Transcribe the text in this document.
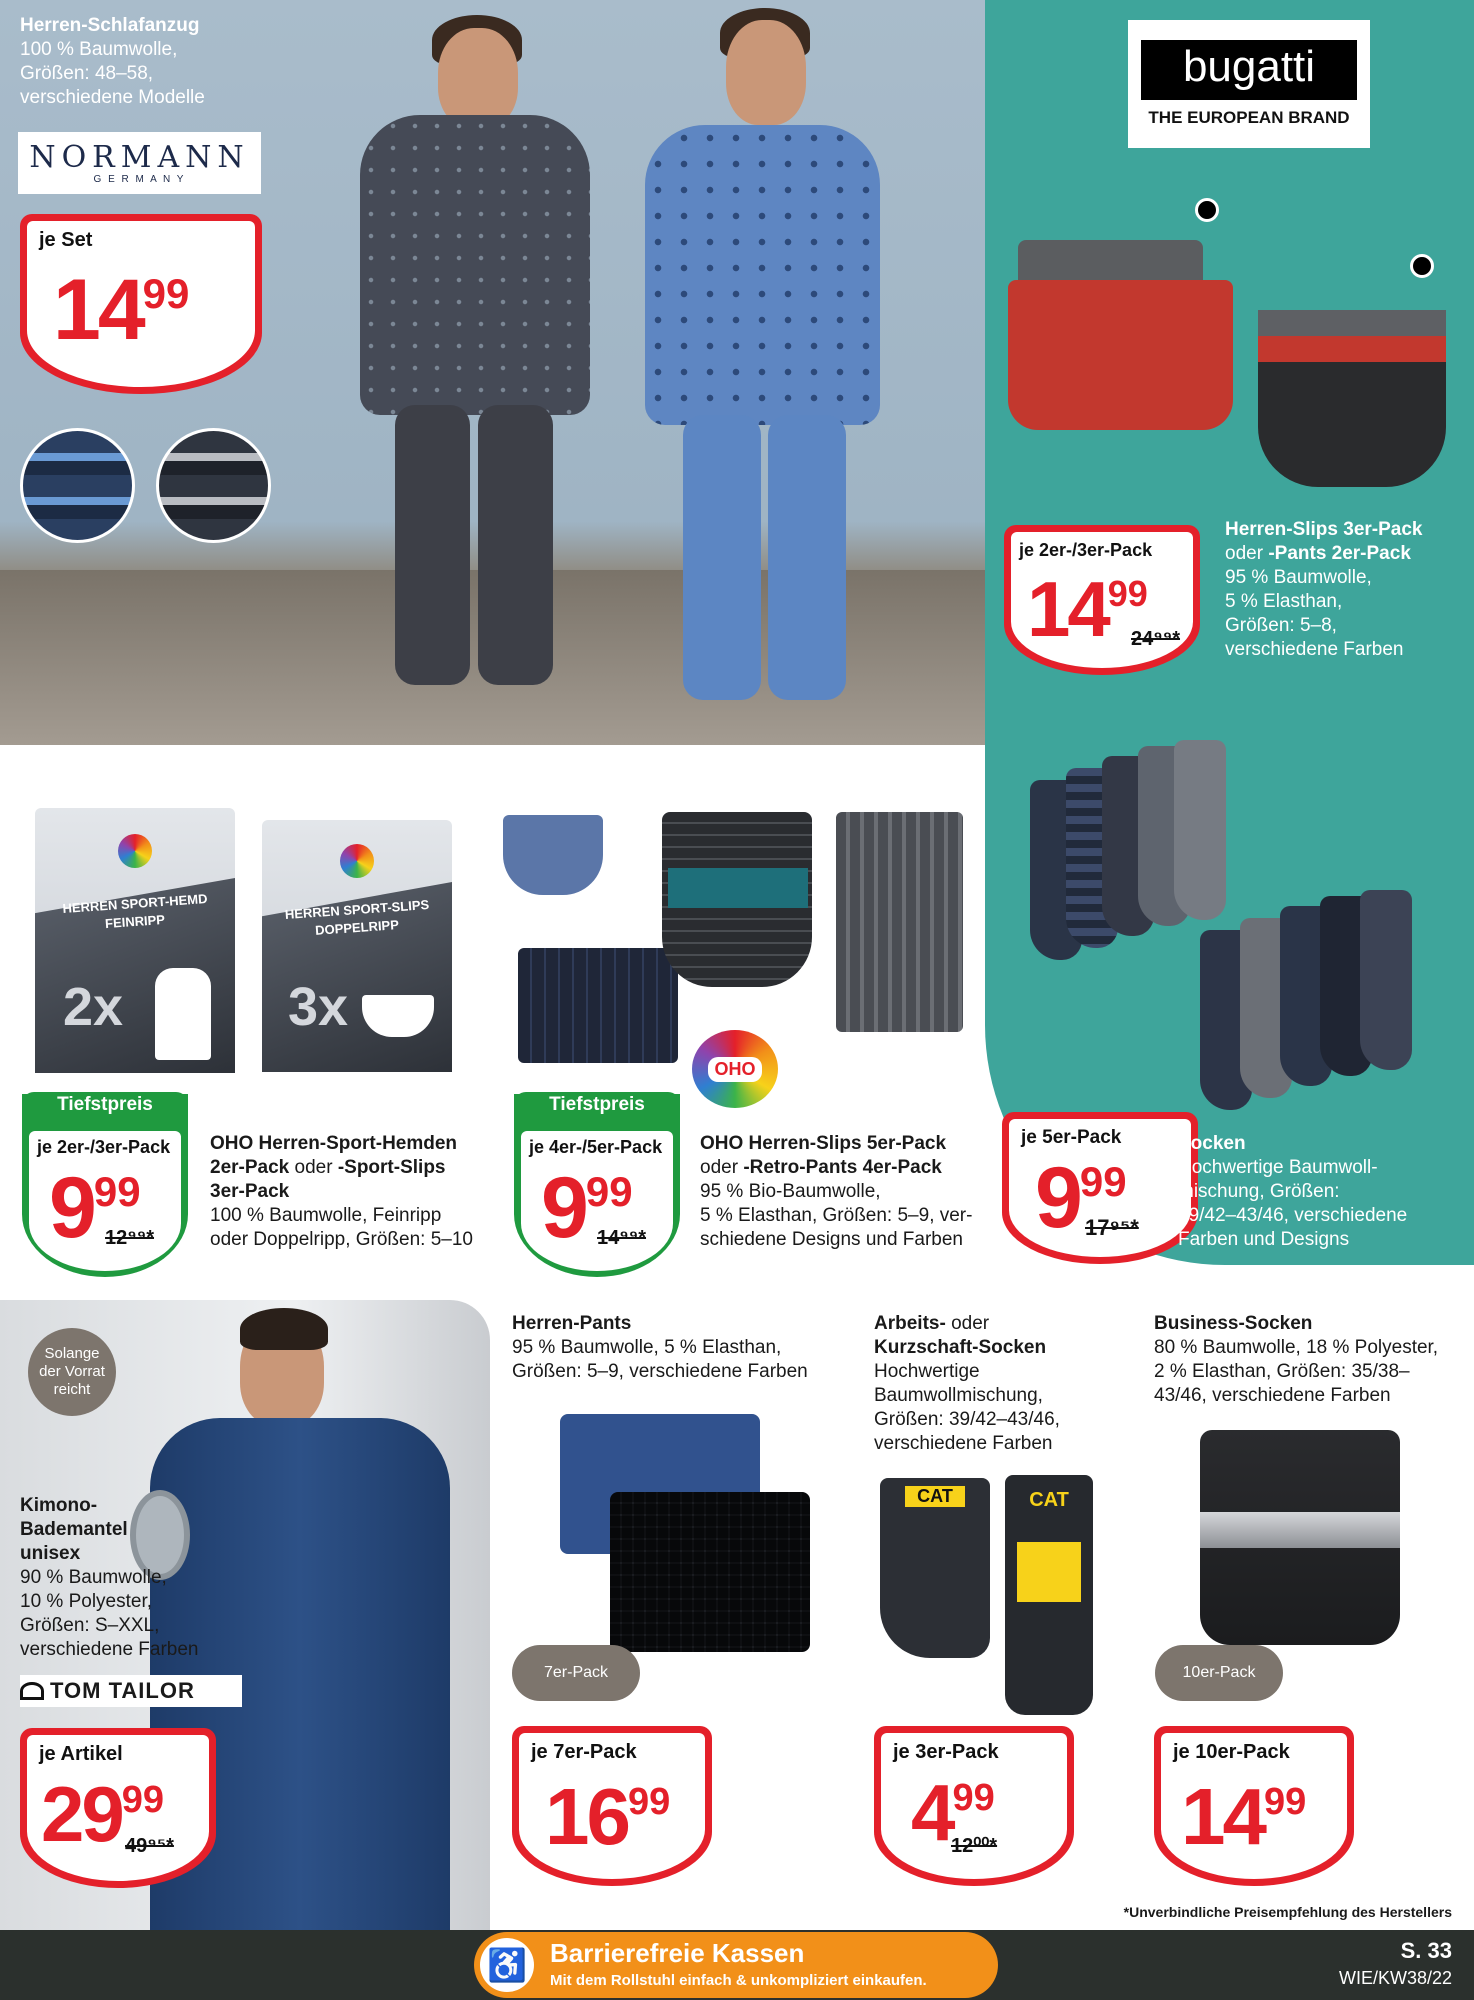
Herren-Schlafanzug
100 % Baumwolle,
Größen: 48–58,
verschiedene Modelle
NORMANN
G E R M A N Y
je Set
1499
bugatti
THE EUROPEAN BRAND
je 2er-/3er-Pack
1499
24⁹⁹*
Herren-Slips 3er-Pack
oder -Pants 2er-Pack
95 % Baumwolle,
5 % Elasthan,
Größen: 5–8,
verschiedene Farben
je 5er-Pack
999
17⁹⁵*
Socken
Hochwertige Baumwoll-
mischung, Größen:
39/42–43/46, verschiedene
Farben und Designs
HERREN SPORT-HEMD
FEINRIPP
2x
HERREN SPORT-SLIPS
DOPPELRIPP
3x
OHO
Tiefstpreis
je 2er-/3er-Pack
999
12⁹⁹*
OHO Herren-Sport-Hemden
2er-Pack oder -Sport-Slips
3er-Pack
100 % Baumwolle, Feinripp
oder Doppelripp, Größen: 5–10
Tiefstpreis
je 4er-/5er-Pack
999
14⁹⁹*
OHO Herren-Slips 5er-Pack
oder -Retro-Pants 4er-Pack
95 % Bio-Baumwolle,
5 % Elasthan, Größen: 5–9, ver-
schiedene Designs und Farben
Solange der Vorrat reicht
Kimono-
Bademantel
unisex
90 % Baumwolle,
10 % Polyester,
Größen: S–XXL,
verschiedene Farben
TOM TAILOR
je Artikel
2999
49⁹⁵*
Herren-Pants
95 % Baumwolle, 5 % Elasthan,
Größen: 5–9, verschiedene Farben
7er-Pack
je 7er-Pack
1699
Arbeits- oder
Kurzschaft-Socken
Hochwertige
Baumwollmischung,
Größen: 39/42–43/46,
verschiedene Farben
CAT	CAT
je 3er-Pack
499
12⁰⁰*
Business-Socken
80 % Baumwolle, 18 % Polyester,
2 % Elasthan, Größen: 35/38–
43/46, verschiedene Farben
10er-Pack
je 10er-Pack
1499
*Unverbindliche Preisempfehlung des Herstellers
♿ Barrierefreie Kassen
Mit dem Rollstuhl einfach & unkompliziert einkaufen.
S. 33
WIE/KW38/22
